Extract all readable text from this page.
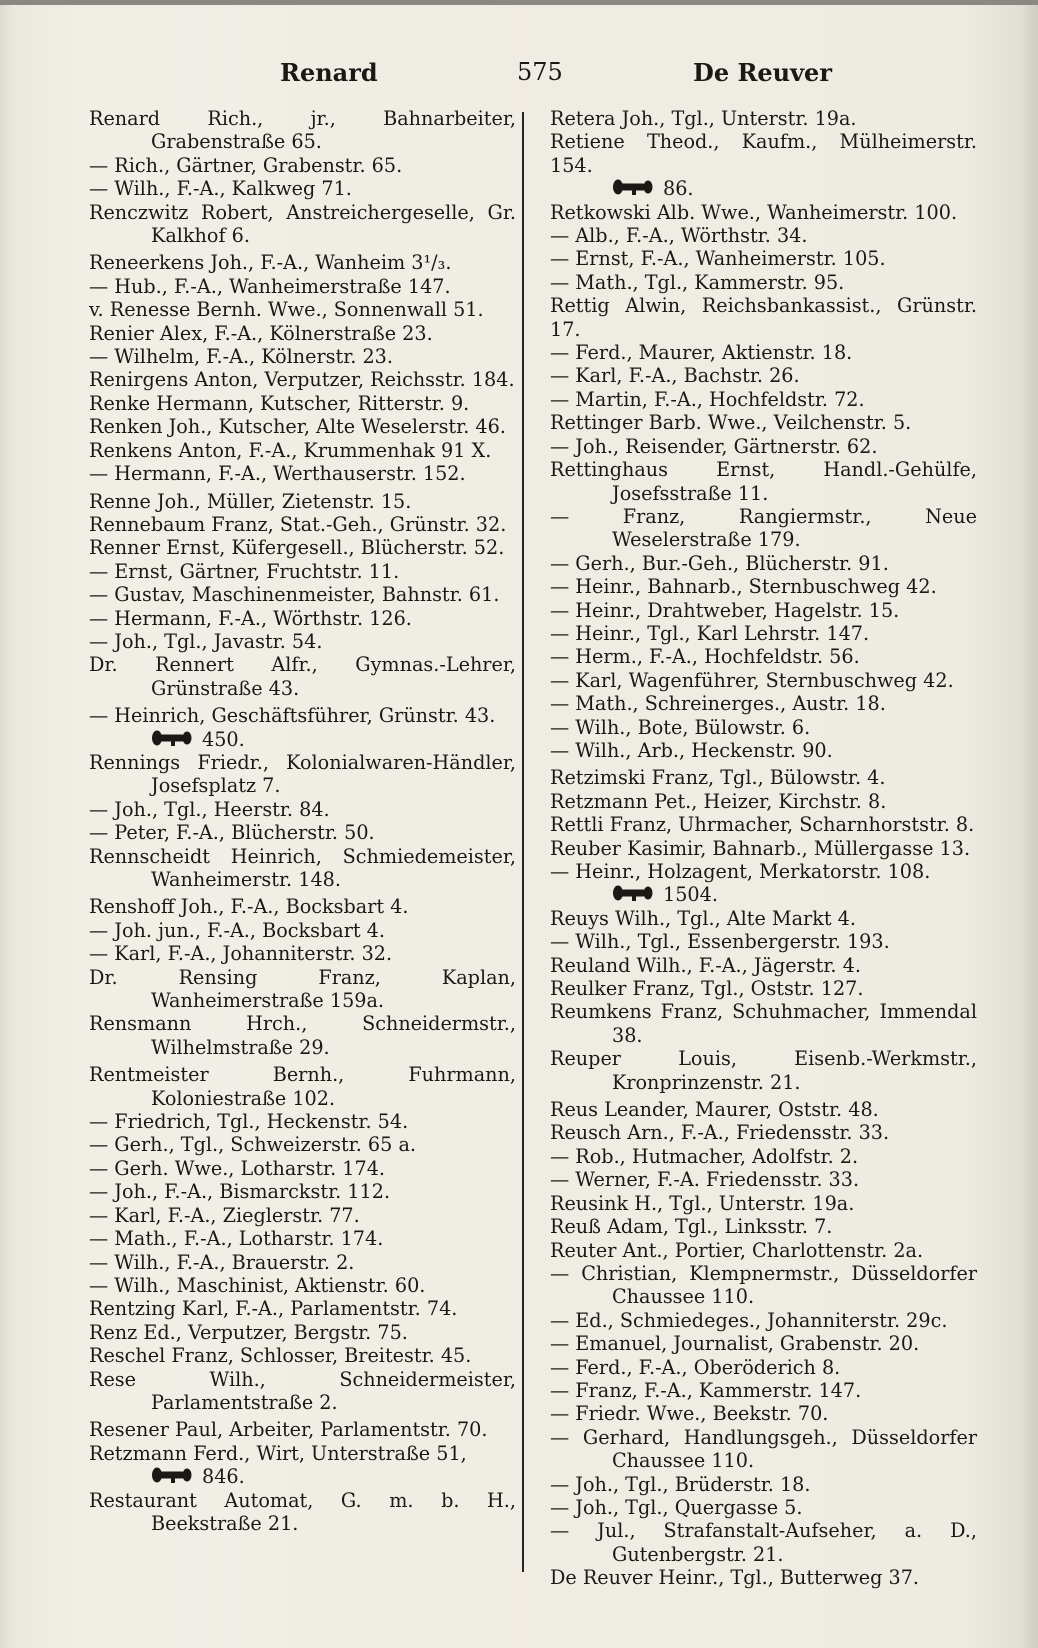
Renard	575	De Reuver
Renard Rich., jr., Bahnarbeiter, Grabenstraße 65.
— Rich., Gärtner, Grabenstr. 65.
— Wilh., F.-A., Kalkweg 71.
Renczwitz Robert, Anstreichergeselle, Gr. Kalkhof 6.
Reneerkens Joh., F.-A., Wanheim 3¹/₃.
— Hub., F.-A., Wanheimerstraße 147.
v. Renesse Bernh. Wwe., Sonnenwall 51.
Renier Alex, F.-A., Kölnerstraße 23.
— Wilhelm, F.-A., Kölnerstr. 23.
Renirgens Anton, Verputzer, Reichsstr. 184.
Renke Hermann, Kutscher, Ritterstr. 9.
Renken Joh., Kutscher, Alte Weselerstr. 46.
Renkens Anton, F.-A., Krummenhak 91 X.
— Hermann, F.-A., Werthauserstr. 152.
Renne Joh., Müller, Zietenstr. 15.
Rennebaum Franz, Stat.-Geh., Grünstr. 32.
Renner Ernst, Küfergesell., Blücherstr. 52.
— Ernst, Gärtner, Fruchtstr. 11.
— Gustav, Maschinenmeister, Bahnstr. 61.
— Hermann, F.-A., Wörthstr. 126.
— Joh., Tgl., Javastr. 54.
Dr. Rennert Alfr., Gymnas.-Lehrer, Grünstraße 43.
— Heinrich, Geschäftsführer, Grünstr. 43.
450.
Rennings Friedr., Kolonialwaren-Händler, Josefsplatz 7.
— Joh., Tgl., Heerstr. 84.
— Peter, F.-A., Blücherstr. 50.
Rennscheidt Heinrich, Schmiedemeister, Wanheimerstr. 148.
Renshoff Joh., F.-A., Bocksbart 4.
— Joh. jun., F.-A., Bocksbart 4.
— Karl, F.-A., Johanniterstr. 32.
Dr. Rensing Franz, Kaplan, Wanheimerstraße 159a.
Rensmann Hrch., Schneidermstr., Wilhelmstraße 29.
Rentmeister Bernh., Fuhrmann, Koloniestraße 102.
— Friedrich, Tgl., Heckenstr. 54.
— Gerh., Tgl., Schweizerstr. 65 a.
— Gerh. Wwe., Lotharstr. 174.
— Joh., F.-A., Bismarckstr. 112.
— Karl, F.-A., Zieglerstr. 77.
— Math., F.-A., Lotharstr. 174.
— Wilh., F.-A., Brauerstr. 2.
— Wilh., Maschinist, Aktienstr. 60.
Rentzing Karl, F.-A., Parlamentstr. 74.
Renz Ed., Verputzer, Bergstr. 75.
Reschel Franz, Schlosser, Breitestr. 45.
Rese Wilh., Schneidermeister, Parlamentstraße 2.
Resener Paul, Arbeiter, Parlamentstr. 70.
Retzmann Ferd., Wirt, Unterstraße 51,
846.
Restaurant Automat, G. m. b. H., Beekstraße 21.
Retera Joh., Tgl., Unterstr. 19a.
Retiene Theod., Kaufm., Mülheimerstr. 154.
86.
Retkowski Alb. Wwe., Wanheimerstr. 100.
— Alb., F.-A., Wörthstr. 34.
— Ernst, F.-A., Wanheimerstr. 105.
— Math., Tgl., Kammerstr. 95.
Rettig Alwin, Reichsbankassist., Grünstr. 17.
— Ferd., Maurer, Aktienstr. 18.
— Karl, F.-A., Bachstr. 26.
— Martin, F.-A., Hochfeldstr. 72.
Rettinger Barb. Wwe., Veilchenstr. 5.
— Joh., Reisender, Gärtnerstr. 62.
Rettinghaus Ernst, Handl.-Gehülfe, Josefsstraße 11.
— Franz, Rangiermstr., Neue Weselerstraße 179.
— Gerh., Bur.-Geh., Blücherstr. 91.
— Heinr., Bahnarb., Sternbuschweg 42.
— Heinr., Drahtweber, Hagelstr. 15.
— Heinr., Tgl., Karl Lehrstr. 147.
— Herm., F.-A., Hochfeldstr. 56.
— Karl, Wagenführer, Sternbuschweg 42.
— Math., Schreinerges., Austr. 18.
— Wilh., Bote, Bülowstr. 6.
— Wilh., Arb., Heckenstr. 90.
Retzimski Franz, Tgl., Bülowstr. 4.
Retzmann Pet., Heizer, Kirchstr. 8.
Rettli Franz, Uhrmacher, Scharnhorststr. 8.
Reuber Kasimir, Bahnarb., Müllergasse 13.
— Heinr., Holzagent, Merkatorstr. 108.
1504.
Reuys Wilh., Tgl., Alte Markt 4.
— Wilh., Tgl., Essenbergerstr. 193.
Reuland Wilh., F.-A., Jägerstr. 4.
Reulker Franz, Tgl., Oststr. 127.
Reumkens Franz, Schuhmacher, Immendal 38.
Reuper Louis, Eisenb.-Werkmstr., Kronprinzenstr. 21.
Reus Leander, Maurer, Oststr. 48.
Reusch Arn., F.-A., Friedensstr. 33.
— Rob., Hutmacher, Adolfstr. 2.
— Werner, F.-A. Friedensstr. 33.
Reusink H., Tgl., Unterstr. 19a.
Reuß Adam, Tgl., Linksstr. 7.
Reuter Ant., Portier, Charlottenstr. 2a.
— Christian, Klempnermstr., Düsseldorfer Chaussee 110.
— Ed., Schmiedeges., Johanniterstr. 29c.
— Emanuel, Journalist, Grabenstr. 20.
— Ferd., F.-A., Oberöderich 8.
— Franz, F.-A., Kammerstr. 147.
— Friedr. Wwe., Beekstr. 70.
— Gerhard, Handlungsgeh., Düsseldorfer Chaussee 110.
— Joh., Tgl., Brüderstr. 18.
— Joh., Tgl., Quergasse 5.
— Jul., Strafanstalt-Aufseher, a. D., Gutenbergstr. 21.
De Reuver Heinr., Tgl., Butterweg 37.
